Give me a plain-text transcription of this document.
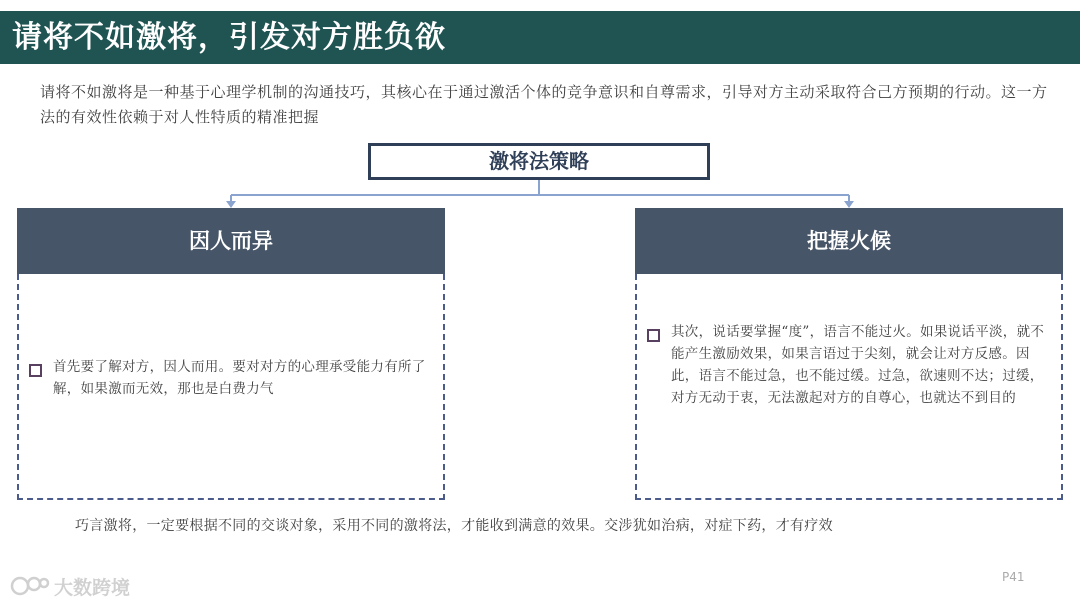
请将不如激将，引发对方胜负欲
请将不如激将是一种基于心理学机制的沟通技巧，其核心在于通过激活个体的竞争意识和自尊需求，引导对方主动采取符合己方预期的行动。这一方法的有效性依赖于对人性特质的精准把握
激将法策略
因人而异
首先要了解对方，因人而用。要对对方的心理承受能力有所了解，如果激而无效，那也是白费力气
把握火候
其次，说话要掌握“度”，语言不能过火。如果说话平淡，就不能产生激励效果，如果言语过于尖刻，就会让对方反感。因此，语言不能过急，也不能过缓。过急，欲速则不达；过缓，对方无动于衷，无法激起对方的自尊心，也就达不到目的
巧言激将，一定要根据不同的交谈对象，采用不同的激将法，才能收到满意的效果。交涉犹如治病，对症下药，才有疗效
P41
大数跨境
